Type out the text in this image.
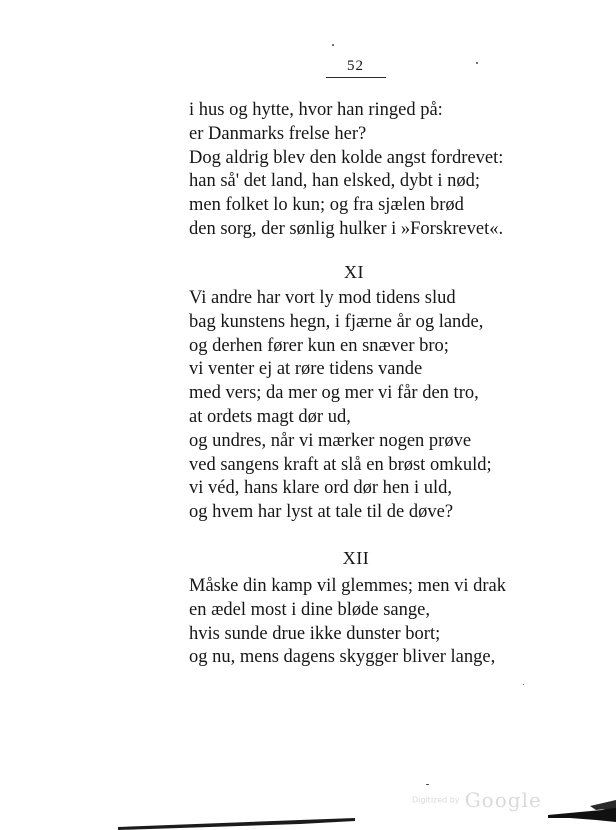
52
i hus og hytte, hvor han ringed på:
er Danmarks frelse her?
Dog aldrig blev den kolde angst fordrevet:
han så' det land, han elsked, dybt i nød;
men folket lo kun; og fra sjælen brød
den sorg, der sønlig hulker i »Forskrevet«.
XI
Vi andre har vort ly mod tidens slud
bag kunstens hegn, i fjærne år og lande,
og derhen fører kun en snæver bro;
vi venter ej at røre tidens vande
med vers; da mer og mer vi får den tro,
at ordets magt dør ud,
og undres, når vi mærker nogen prøve
ved sangens kraft at slå en brøst omkuld;
vi véd, hans klare ord dør hen i uld,
og hvem har lyst at tale til de døve?
XII
Måske din kamp vil glemmes; men vi drak
en ædel most i dine bløde sange,
hvis sunde drue ikke dunster bort;
og nu, mens dagens skygger bliver lange,
Digitized by Google
